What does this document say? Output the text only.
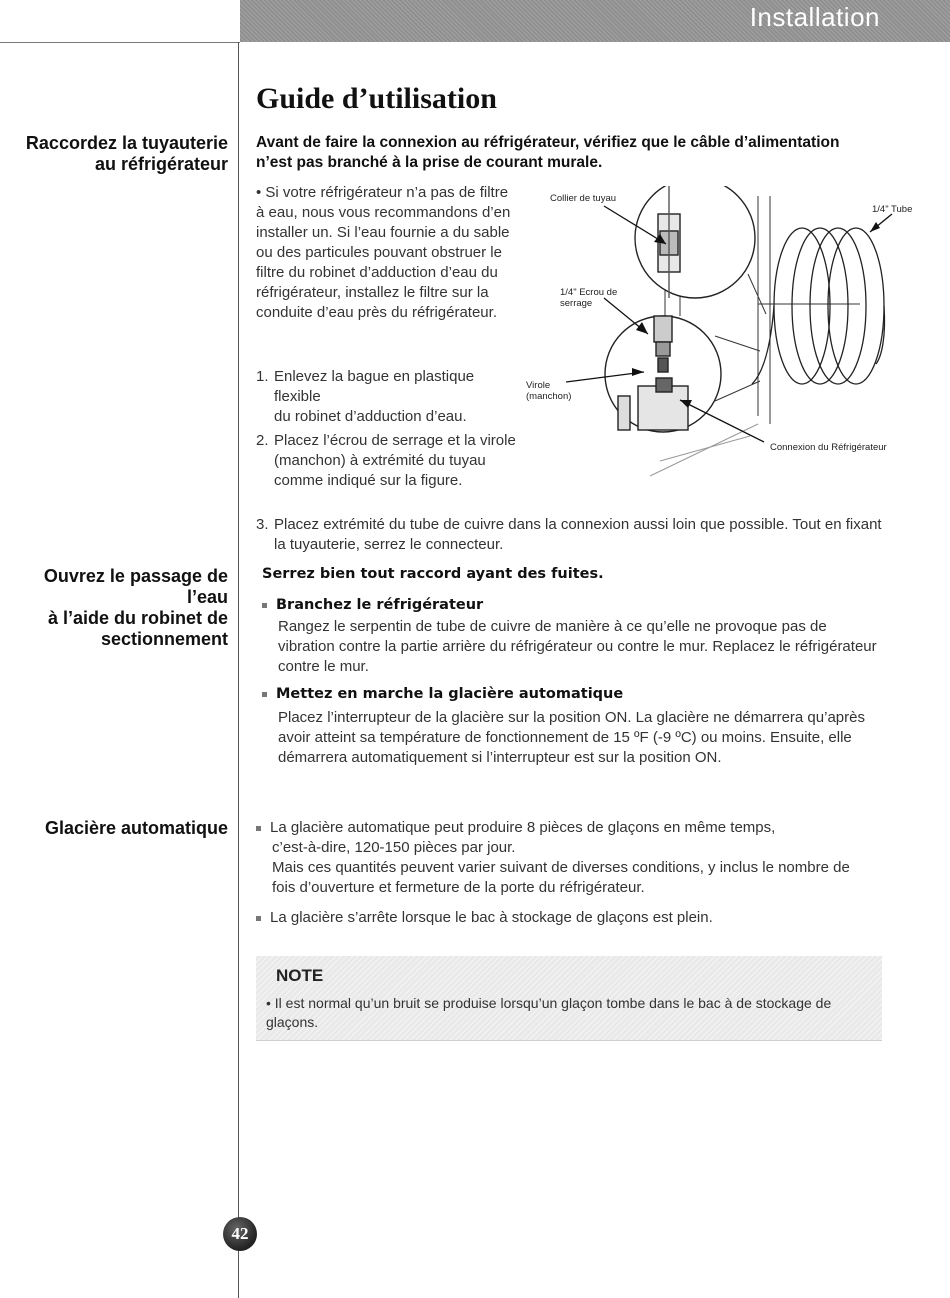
Installation
Guide d’utilisation
Raccordez la tuyauterie au réfrigérateur
Ouvrez le passage de l’eau
à l’aide du robinet de sectionnement
Glacière automatique

Avant de faire la connexion au réfrigérateur, vérifiez que le câble d’alimentation n’est pas branché à la prise de courant murale.

• Si votre réfrigérateur n’a pas de filtre à eau, nous vous recommandons d’en installer un. Si l’eau fournie a du sable ou des particules pouvant obstruer le filtre du robinet d’adduction d’eau du réfrigérateur, installez le filtre sur la conduite d’eau près du réfrigérateur.

1. Enlevez la bague en plastique flexible
du robinet d’adduction d’eau.
2. Placez l’écrou de serrage et la virole (manchon) à extrémité du tuyau comme indiqué sur la figure.
3. Placez extrémité du tube de cuivre dans la connexion aussi loin que possible. Tout en fixant la tuyauterie, serrez le connecteur.
Collier de tuyau
1/4" Tube
1/4" Ecrou de
serrage
Virole
(manchon)
Connexion du Réfrigérateur

Serrez bien tout raccord ayant des fuites.

Branchez le réfrigérateur

Rangez le serpentin de tube de cuivre de manière à ce qu’elle ne provoque pas de vibration contre la partie arrière du réfrigérateur ou contre le mur. Replacez le réfrigérateur contre le mur.

Mettez en marche la glacière automatique

Placez l’interrupteur de la glacière sur la position ON. La glacière ne démarrera qu’après avoir atteint sa température de fonctionnement de 15 ºF (-9 ºC) ou moins. Ensuite, elle démarrera automatiquement si l’interrupteur est sur la position ON.

La glacière automatique peut produire 8 pièces de glaçons en même temps,
c’est-à-dire, 120-150 pièces par jour.

Mais ces quantités peuvent varier suivant de diverses conditions, y inclus le nombre de fois d’ouverture et fermeture de la porte du réfrigérateur.

La glacière s’arrête lorsque le bac à stockage de glaçons est plein.
NOTE
• Il est normal qu’un bruit se produise lorsqu’un glaçon tombe dans le bac à de stockage de glaçons.
42
